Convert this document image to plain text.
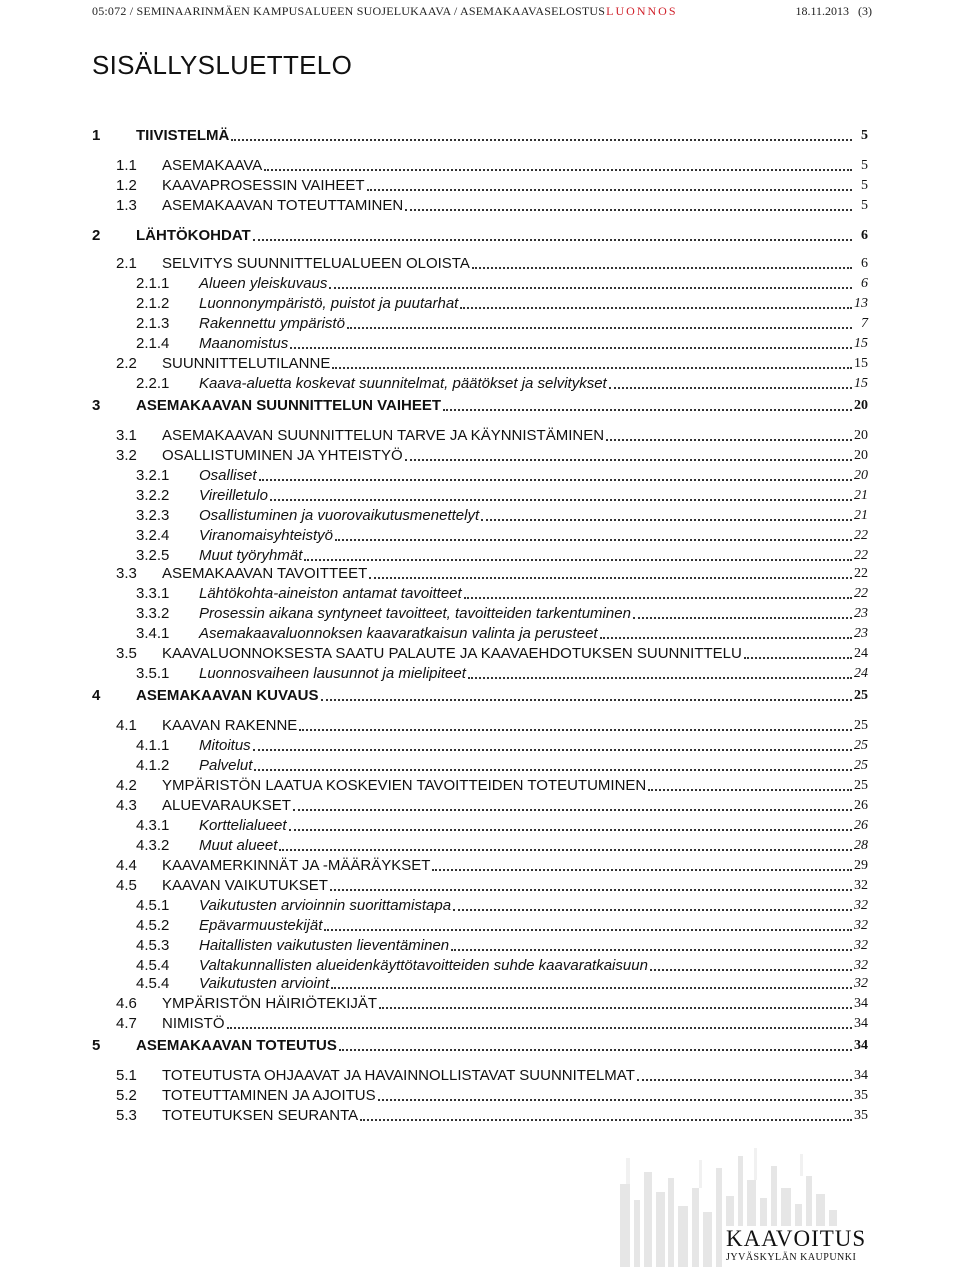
05:072 / SEMINAARINMÄEN KAMPUSALUEEN SUOJELUKAAVA / ASEMAKAAVASELOSTUS LUONNOS	18.11.2013 (3)
SISÄLLYSLUETTELO
1 TIIVISTELMÄ	5
1.1 ASEMAKAAVA	5
1.2 KAAVAPROSESSIN VAIHEET	5
1.3 ASEMAKAAVAN TOTEUTTAMINEN	5
2 LÄHTÖKOHDAT	6
2.1 SELVITYS SUUNNITTELUALUEEN OLOISTA	6
2.1.1 Alueen yleiskuvaus	6
2.1.2 Luonnonympäristö, puistot ja puutarhat	13
2.1.3 Rakennettu ympäristö	7
2.1.4 Maanomistus	15
2.2 SUUNNITTELUTILANNE	15
2.2.1 Kaava-aluetta koskevat suunnitelmat, päätökset ja selvitykset	15
3 ASEMAKAAVAN SUUNNITTELUN VAIHEET	20
3.1 ASEMAKAAVAN SUUNNITTELUN TARVE JA KÄYNNISTÄMINEN	20
3.2 OSALLISTUMINEN JA YHTEISTYÖ	20
3.2.1 Osalliset	20
3.2.2 Vireilletulo	21
3.2.3 Osallistuminen ja vuorovaikutusmenettelyt	21
3.2.4 Viranomaisyhteistyö	22
3.2.5 Muut työryhmät	22
3.3 ASEMAKAAVAN TAVOITTEET	22
3.3.1 Lähtökohta-aineiston antamat tavoitteet	22
3.3.2 Prosessin aikana syntyneet tavoitteet, tavoitteiden tarkentuminen	23
3.4.1 Asemakaavaluonnoksen kaavaratkaisun valinta ja perusteet	23
3.5 KAAVALUONNOKSESTA SAATU PALAUTE JA KAAVAEHDOTUKSEN SUUNNITTELU	24
3.5.1 Luonnosvaiheen lausunnot ja mielipiteet	24
4 ASEMAKAAVAN KUVAUS	25
4.1 KAAVAN RAKENNE	25
4.1.1 Mitoitus	25
4.1.2 Palvelut	25
4.2 YMPÄRISTÖN LAATUA KOSKEVIEN TAVOITTEIDEN TOTEUTUMINEN	25
4.3 ALUEVARAUKSET	26
4.3.1 Korttelialueet	26
4.3.2 Muut alueet	28
4.4 KAAVAMERKINNÄT JA -MÄÄRÄYKSET	29
4.5 KAAVAN VAIKUTUKSET	32
4.5.1 Vaikutusten arvioinnin suorittamistapa	32
4.5.2 Epävarmuustekijät	32
4.5.3 Haitallisten vaikutusten lieventäminen	32
4.5.4 Valtakunnallisten alueidenkäyttötavoitteiden suhde kaavaratkaisuun	32
4.5.4 Vaikutusten arvioint	32
4.6 YMPÄRISTÖN HÄIRIÖTEKIJÄT	34
4.7 NIMISTÖ	34
5 ASEMAKAAVAN TOTEUTUS	34
5.1 TOTEUTUSTA OHJAAVAT JA HAVAINNOLLISTAVAT SUUNNITELMAT	34
5.2 TOTEUTTAMINEN JA AJOITUS	35
5.3 TOTEUTUKSEN SEURANTA	35

KAAVOITUS

JYVÄSKYLÄN KAUPUNKI
